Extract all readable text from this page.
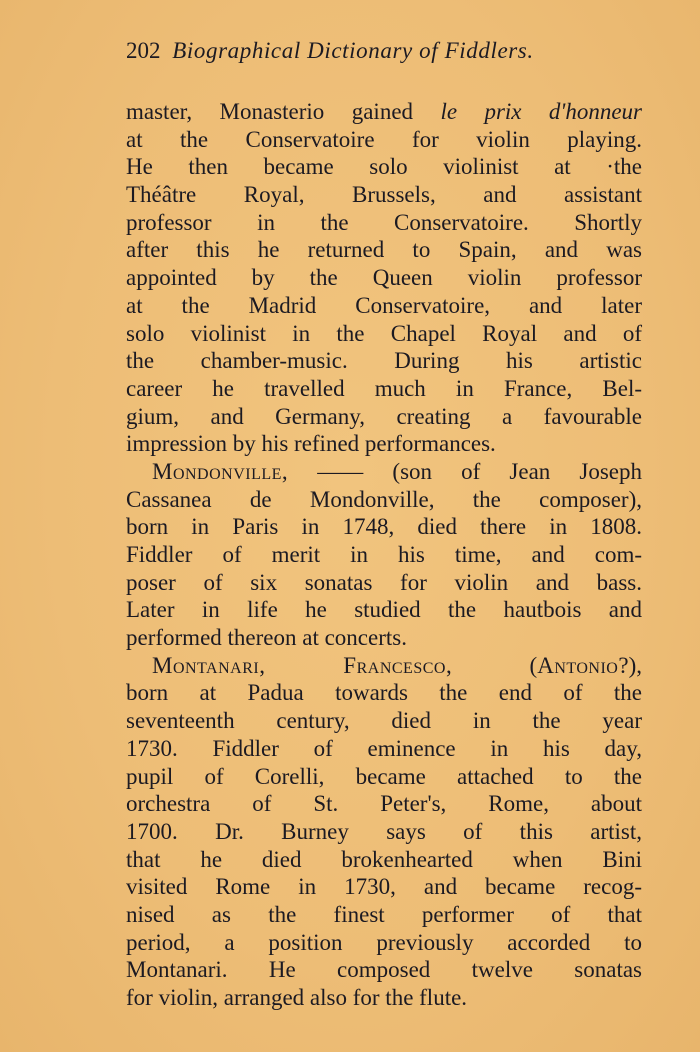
202 Biographical Dictionary of Fiddlers.
master, Monasterio gained le prix d'honneur
at the Conservatoire for violin playing.
He then became solo violinist at ·the
Théâtre Royal, Brussels, and assistant
professor in the Conservatoire. Shortly
after this he returned to Spain, and was
appointed by the Queen violin professor
at the Madrid Conservatoire, and later
solo violinist in the Chapel Royal and of
the chamber-music. During his artistic
career he travelled much in France, Bel-
gium, and Germany, creating a favourable
impression by his refined performances.
Mondonville, —— (son of Jean Joseph
Cassanea de Mondonville, the composer),
born in Paris in 1748, died there in 1808.
Fiddler of merit in his time, and com-
poser of six sonatas for violin and bass.
Later in life he studied the hautbois and
performed thereon at concerts.
Montanari, Francesco, (Antonio?),
born at Padua towards the end of the
seventeenth century, died in the year
1730. Fiddler of eminence in his day,
pupil of Corelli, became attached to the
orchestra of St. Peter's, Rome, about
1700. Dr. Burney says of this artist,
that he died brokenhearted when Bini
visited Rome in 1730, and became recog-
nised as the finest performer of that
period, a position previously accorded to
Montanari. He composed twelve sonatas
for violin, arranged also for the flute.
